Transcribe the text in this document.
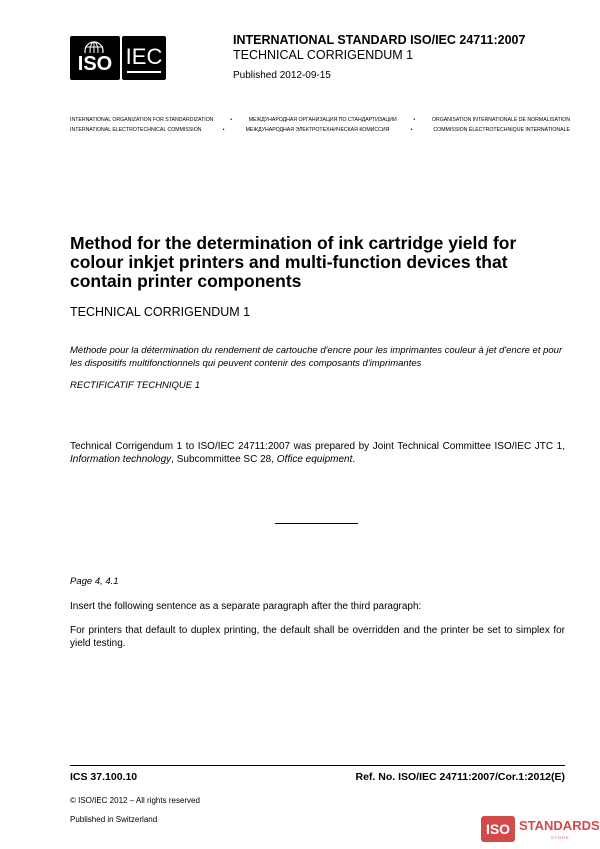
ISO IEC
INTERNATIONAL STANDARD ISO/IEC 24711:2007
TECHNICAL CORRIGENDUM 1
Published 2012-09-15
INTERNATIONAL ORGANIZATION FOR STANDARDIZATION	•	МЕЖДУНАРОДНАЯ ОРГАНИЗАЦИЯ ПО СТАНДАРТИЗАЦИИ	•	ORGANISATION INTERNATIONALE DE NORMALISATION
INTERNATIONAL ELECTROTECHNICAL COMMISSION	•	МЕЖДУНАРОДНАЯ ЭЛЕКТРОТЕХНИЧЕСКАЯ КОМИССИЯ	•	COMMISSION ÉLECTROTECHNIQUE INTERNATIONALE
Method for the determination of ink cartridge yield for colour inkjet printers and multi-function devices that contain printer components
TECHNICAL CORRIGENDUM 1
Méthode pour la détermination du rendement de cartouche d'encre pour les imprimantes couleur à jet d'encre et pour les dispositifs multifonctionnels qui peuvent contenir des composants d'imprimantes
RECTIFICATIF TECHNIQUE 1
Technical Corrigendum 1 to ISO/IEC 24711:2007 was prepared by Joint Technical Committee ISO/IEC JTC 1, Information technology, Subcommittee SC 28, Office equipment.
Page 4, 4.1
Insert the following sentence as a separate paragraph after the third paragraph:
For printers that default to duplex printing, the default shall be overridden and the printer be set to simplex for yield testing.
ICS 37.100.10	Ref. No. ISO/IEC 24711:2007/Cor.1:2012(E)
© ISO/IEC 2012 – All rights reserved
Published in Switzerland
ISO STANDARDS
STORE
